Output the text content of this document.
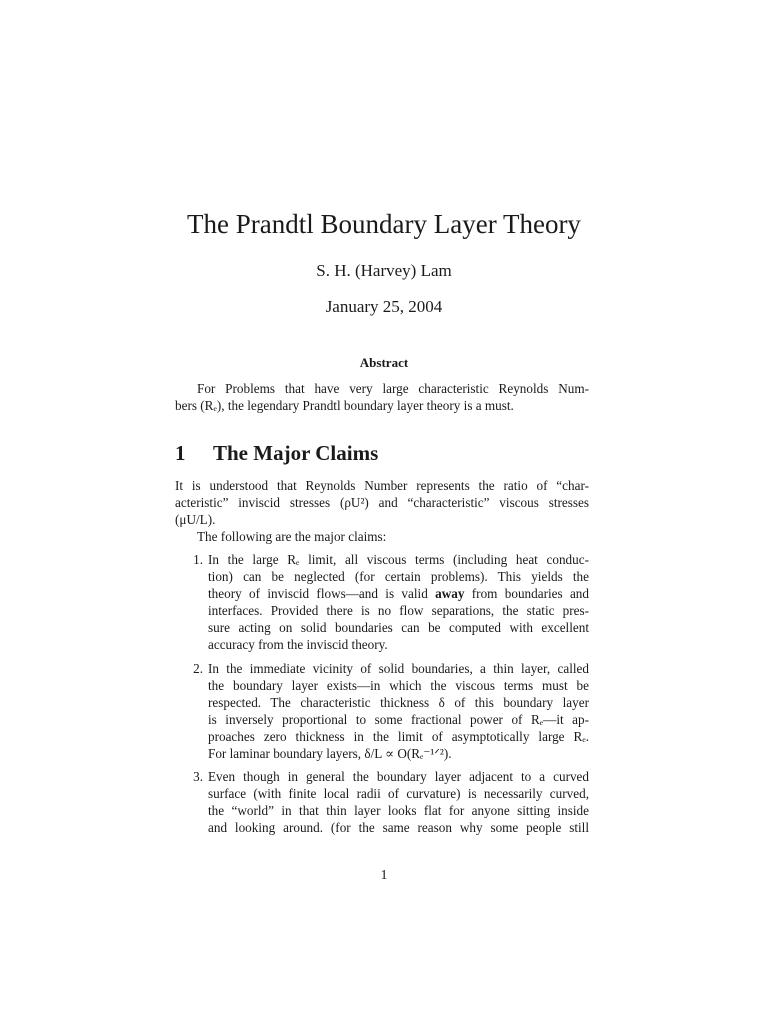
The Prandtl Boundary Layer Theory
S. H. (Harvey) Lam
January 25, 2004
Abstract
For Problems that have very large characteristic Reynolds Num-
bers (Rₑ), the legendary Prandtl boundary layer theory is a must.
1 The Major Claims
It is understood that Reynolds Number represents the ratio of “char-
acteristic” inviscid stresses (ρU²) and “characteristic” viscous stresses
(μU/L).
The following are the major claims:
1. In the large Rₑ limit, all viscous terms (including heat conduc-
tion) can be neglected (for certain problems). This yields the
theory of inviscid flows—and is valid away from boundaries and
interfaces. Provided there is no flow separations, the static pres-
sure acting on solid boundaries can be computed with excellent
accuracy from the inviscid theory.
2. In the immediate vicinity of solid boundaries, a thin layer, called
the boundary layer exists—in which the viscous terms must be
respected. The characteristic thickness δ of this boundary layer
is inversely proportional to some fractional power of Rₑ—it ap-
proaches zero thickness in the limit of asymptotically large Rₑ.
For laminar boundary layers, δ/L ∝ O(Rₑ⁻¹ᐟ²).
3. Even though in general the boundary layer adjacent to a curved
surface (with finite local radii of curvature) is necessarily curved,
the “world” in that thin layer looks flat for anyone sitting inside
and looking around. (for the same reason why some people still
1
